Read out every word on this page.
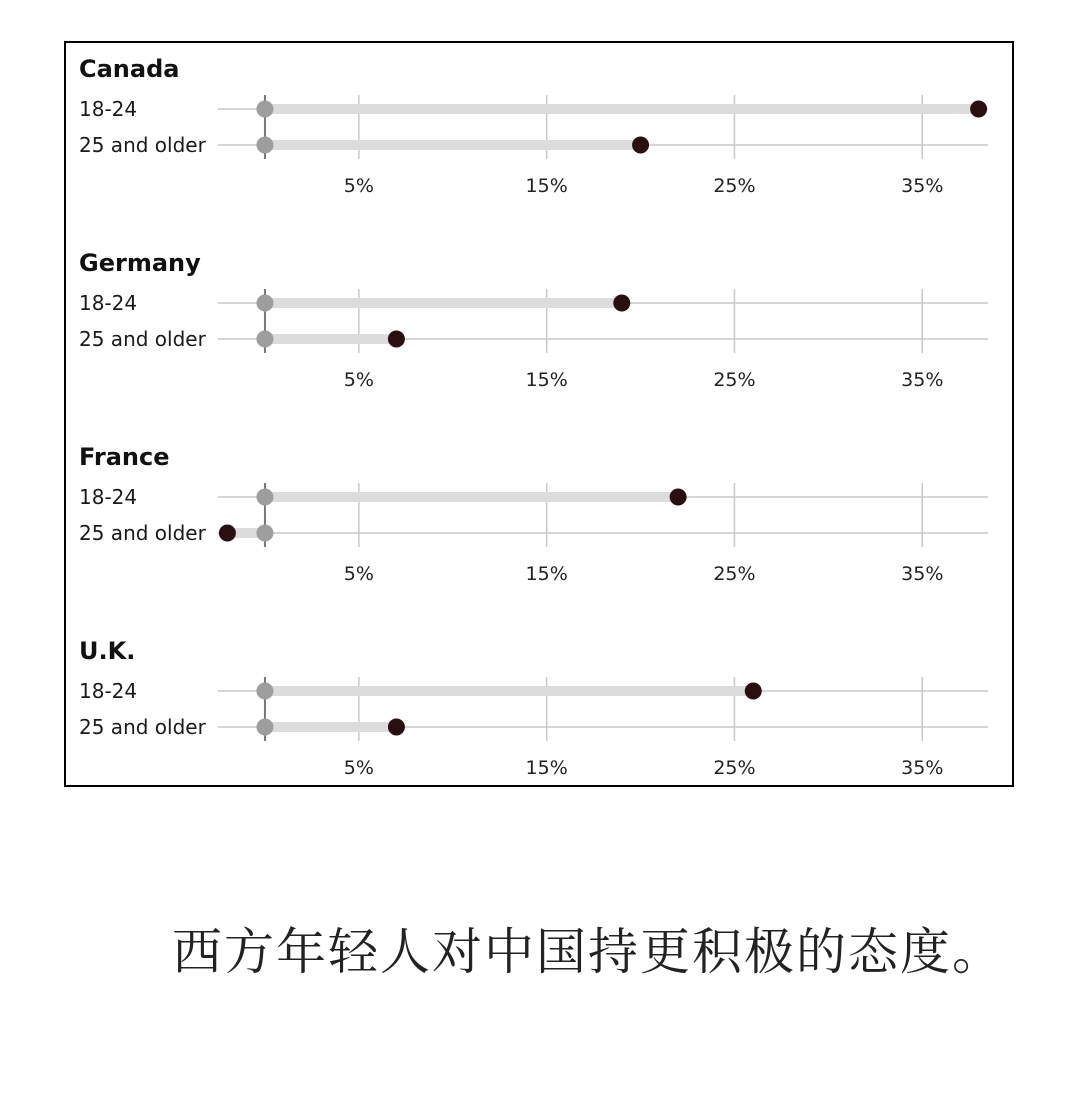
Canada
18-24
25 and older
5%	15%	25%	35%
Germany
18-24
25 and older
5%	15%	25%	35%
France
18-24
25 and older
5%	15%	25%	35%
U.K.
18-24
25 and older
5%	15%	25%	35%

西方年轻人对中国持更积极的态度。
